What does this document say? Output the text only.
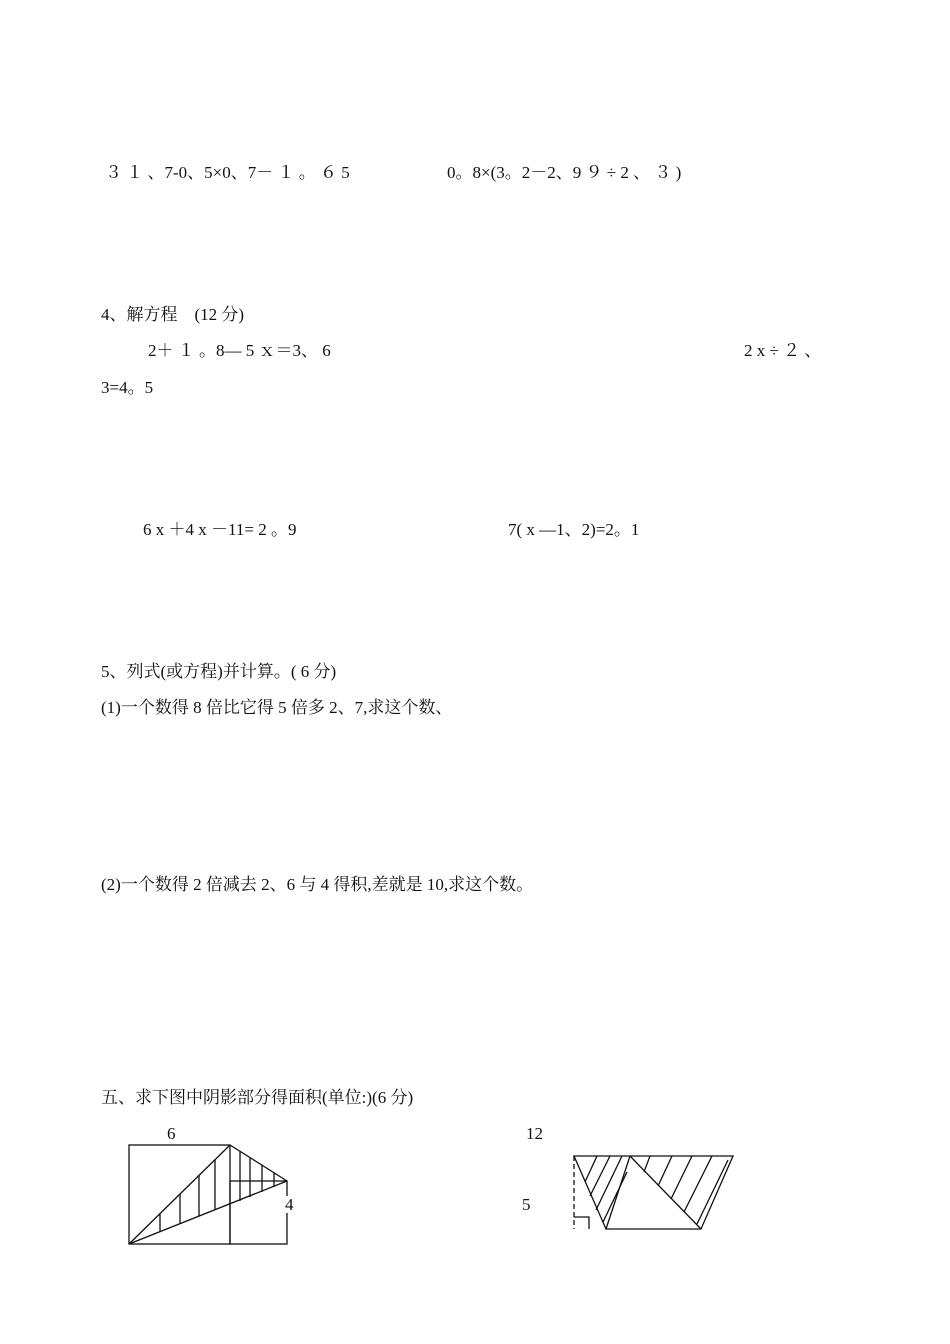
３ １ 、7-0、5×0、7－ １ 。 ６ 5	0。8×(3。2－2、9 ９ ÷ 2 、 ３ )
4、解方程　(12 分)
2＋ １ 。8— 5 ｘ＝3、 6	2 x ÷ ２ 、
3=4。5
6 x ＋4 x －11= 2 。9	7( x —1、2)=2。1
5、列式(或方程)并计算。( 6 分)
(1)一个数得 8 倍比它得 5 倍多 2、7,求这个数、
(2)一个数得 2 倍减去 2、6 与 4 得积,差就是 10,求这个数。
五、求下图中阴影部分得面积(单位:)(6 分)
6
4
12
5
